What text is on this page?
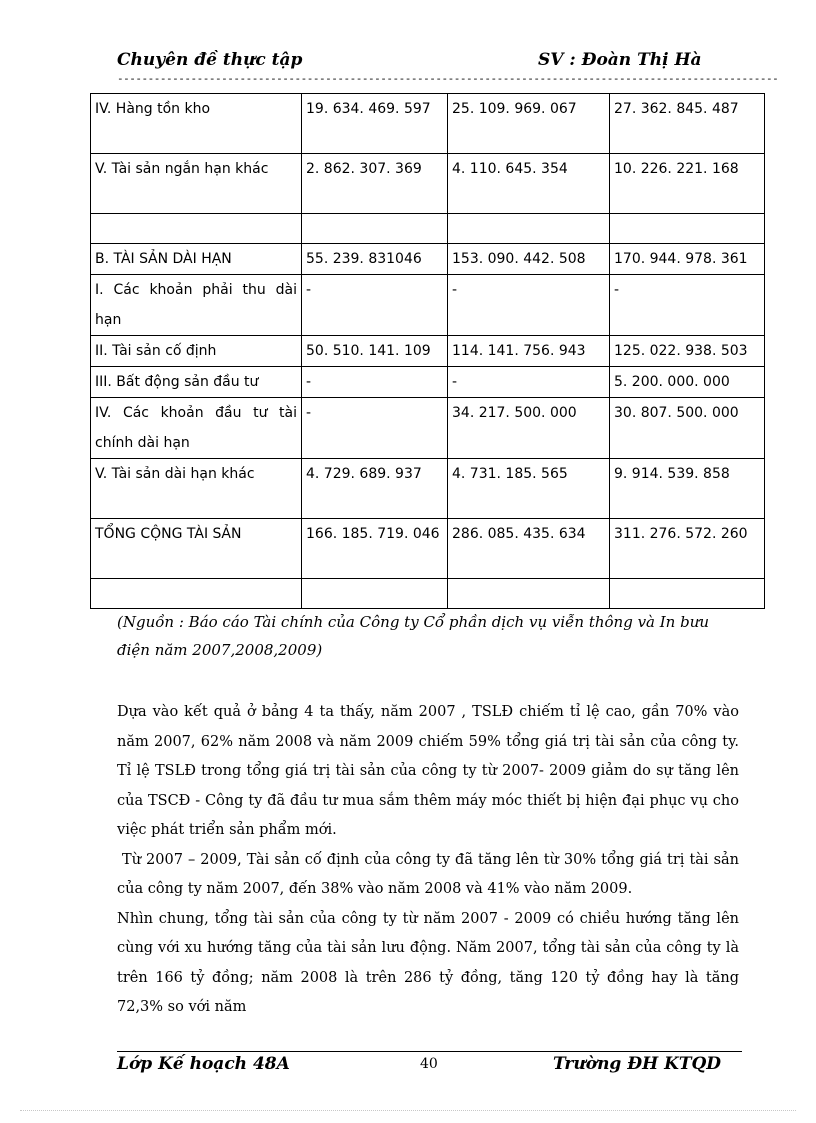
Chuyên đề thực tập	SV : Đoàn Thị Hà
------------------------------------------------------------------------------------------------------------
IV. Hàng tồn kho	19. 634. 469. 597	25. 109. 969. 067	27. 362. 845. 487
V. Tài sản ngắn hạn khác	2. 862. 307. 369	4. 110. 645. 354	10. 226. 221. 168

B. TÀI SẢN DÀI HẠN	55. 239. 831046	153. 090. 442. 508	170. 944. 978. 361
I. Các khoản phải thu dài hạn	-	-	-
II. Tài sản cố định	50. 510. 141. 109	114. 141. 756. 943	125. 022. 938. 503
III. Bất động sản đầu tư	-	-	5. 200. 000. 000
IV. Các khoản đầu tư tài chính dài hạn	-	34. 217. 500. 000	30. 807. 500. 000
V. Tài sản dài hạn khác	4. 729. 689. 937	4. 731. 185. 565	9. 914. 539. 858
TỔNG CỘNG TÀI SẢN	166. 185. 719. 046	286. 085. 435. 634	311. 276. 572. 260

(Nguồn : Báo cáo Tài chính của Công ty Cổ phần dịch vụ viễn thông và In bưu điện năm 2007,2008,2009)

Dựa vào kết quả ở bảng 4 ta thấy, năm 2007 , TSLĐ chiếm tỉ lệ cao, gần 70% vào năm 2007, 62% năm 2008 và năm 2009 chiếm 59% tổng giá trị tài sản của công ty. Tỉ lệ TSLĐ trong tổng giá trị tài sản của công ty từ 2007- 2009 giảm do sự tăng lên của TSCĐ - Công ty đã đầu tư mua sắm thêm máy móc thiết bị hiện đại phục vụ cho việc phát triển sản phẩm mới.

Từ 2007 – 2009, Tài sản cố định của công ty đã tăng lên từ 30% tổng giá trị tài sản của công ty năm 2007, đến 38% vào năm 2008 và 41% vào năm 2009.

Nhìn chung, tổng tài sản của công ty từ năm 2007 - 2009 có chiều hướng tăng lên cùng với xu hướng tăng của tài sản lưu động. Năm 2007, tổng tài sản của công ty là trên 166 tỷ đồng; năm 2008 là trên 286 tỷ đồng, tăng 120 tỷ đồng hay là tăng 72,3% so với năm

Lớp Kế hoạch 48A	40	Trường ĐH KTQD
